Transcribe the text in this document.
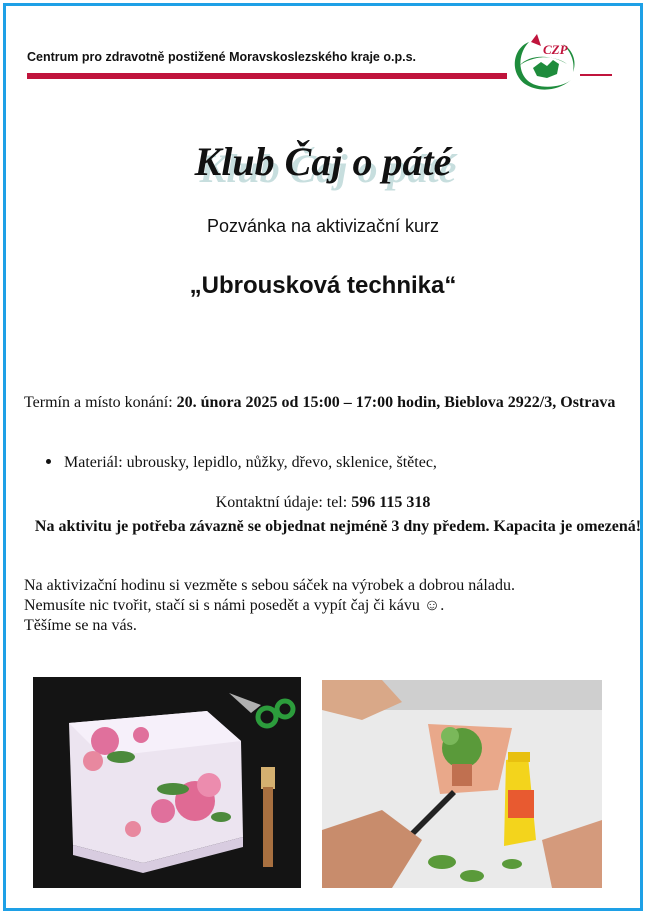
Centrum pro zdravotně postižené Moravskoslezského kraje o.p.s.	CZP
Klub Čaj o páté
Pozvánka na aktivizační kurz
„Ubrousková technika“
Termín a místo konání: 20. února 2025 od 15:00 – 17:00 hodin, Bieblova 2922/3, Ostrava
Materiál: ubrousky, lepidlo, nůžky, dřevo, sklenice, štětec,
Kontaktní údaje: tel: 596 115 318
Na aktivitu je potřeba závazně se objednat nejméně 3 dny předem. Kapacita je omezená!
Na aktivizační hodinu si vezměte s sebou sáček na výrobek a dobrou náladu.
Nemusíte nic tvořit, stačí si s námi posedět a vypít čaj či kávu ☺.
Těšíme se na vás.
